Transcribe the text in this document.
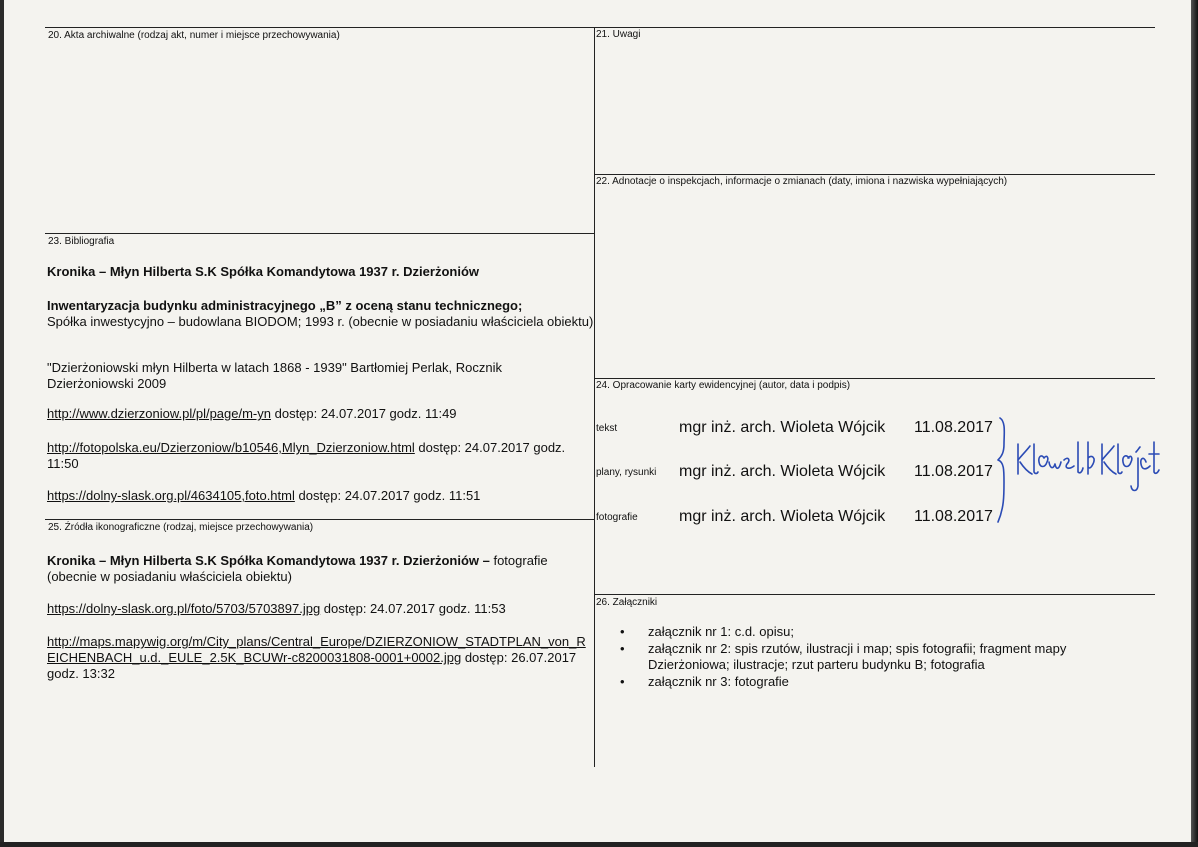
20. Akta archiwalne (rodzaj akt, numer i miejsce przechowywania)	21. Uwagi
22. Adnotacje o inspekcjach, informacje o zmianach (daty, imiona i nazwiska wypełniających)
23. Bibliografia
24. Opracowanie karty ewidencyjnej (autor, data i podpis)
25. Źródła ikonograficzne (rodzaj, miejsce przechowywania)
26. Załączniki

Kronika – Młyn Hilberta S.K Spółka Komandytowa 1937 r. Dzierżoniów

Inwentaryzacja budynku administracyjnego „B” z oceną stanu technicznego;
Spółka inwestycyjno – budowlana BIODOM; 1993 r. (obecnie w posiadaniu właściciela obiektu)

"Dzierżoniowski młyn Hilberta w latach 1868 - 1939" Bartłomiej Perlak, Rocznik Dzierżoniowski 2009

http://www.dzierzoniow.pl/pl/page/m-yn dostęp: 24.07.2017 godz. 11:49

http://fotopolska.eu/Dzierzoniow/b10546,Mlyn_Dzierzoniow.html dostęp: 24.07.2017 godz. 11:50

https://dolny-slask.org.pl/4634105,foto.html dostęp: 24.07.2017 godz. 11:51

Kronika – Młyn Hilberta S.K Spółka Komandytowa 1937 r. Dzierżoniów – fotografie (obecnie w posiadaniu właściciela obiektu)

https://dolny-slask.org.pl/foto/5703/5703897.jpg dostęp: 24.07.2017 godz. 11:53

http://maps.mapywig.org/m/City_plans/Central_Europe/DZIERZONIOW_STADTPLAN_von_REICHENBACH_u.d._EULE_2.5K_BCUWr-c8200031808-0001+0002.jpg dostęp: 26.07.2017 godz. 13:32

tekst	mgr inż. arch. Wioleta Wójcik 11.08.2017
plany, rysunki mgr inż. arch. Wioleta Wójcik 11.08.2017
fotografie	mgr inż. arch. Wioleta Wójcik 11.08.2017
• załącznik nr 1: c.d. opisu;
• załącznik nr 2: spis rzutów, ilustracji i map; spis fotografii; fragment mapy Dzierżoniowa; ilustracje; rzut parteru budynku B; fotografia
• załącznik nr 3: fotografie
